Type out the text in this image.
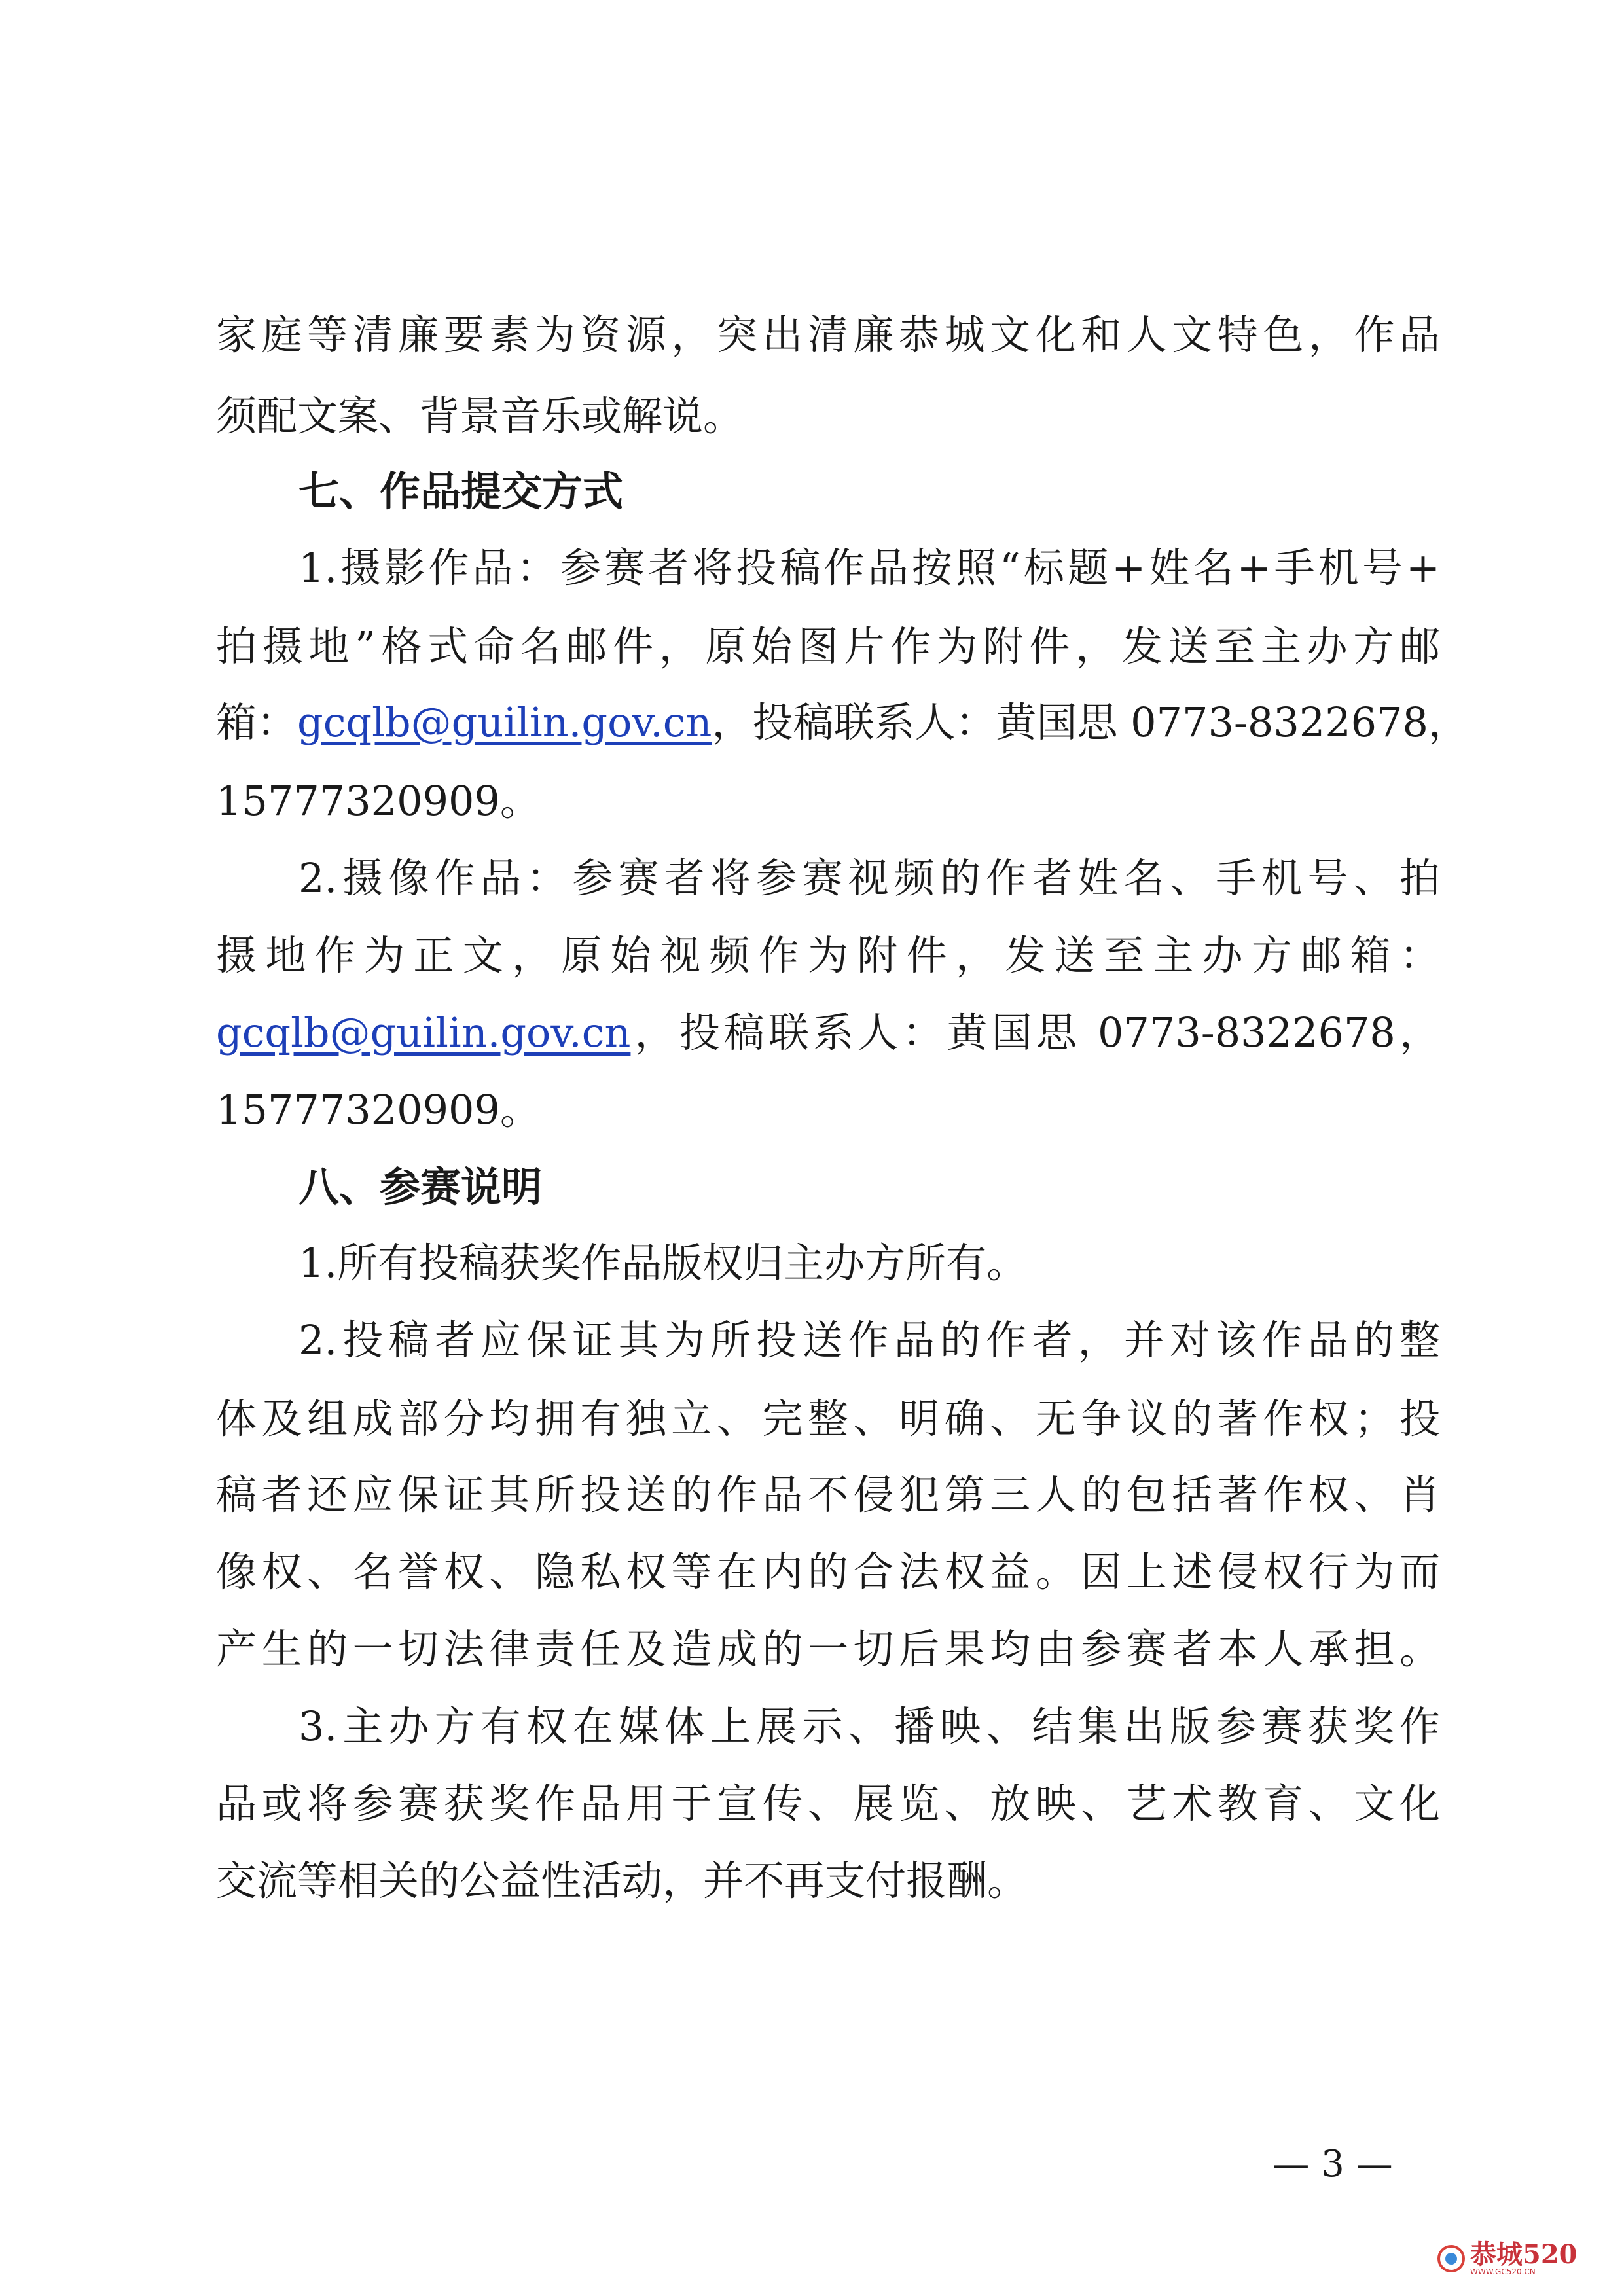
家庭等清廉要素为资源，突出清廉恭城文化和人文特色，作品
须配文案、背景音乐或解说。
七、作品提交方式
1.摄影作品：参赛者将投稿作品按照“标题+姓名+手机号+
拍摄地”格式命名邮件，原始图片作为附件，发送至主办方邮
箱：gcqlb@guilin.gov.cn，投稿联系人：黄国思 0773-8322678，
15777320909。
2.摄像作品：参赛者将参赛视频的作者姓名、手机号、拍
摄地作为正文，原始视频作为附件，发送至主办方邮箱：
gcqlb@guilin.gov.cn，投稿联系人：黄国思 0773-8322678，
15777320909。
八、参赛说明
1.所有投稿获奖作品版权归主办方所有。
2.投稿者应保证其为所投送作品的作者，并对该作品的整
体及组成部分均拥有独立、完整、明确、无争议的著作权；投
稿者还应保证其所投送的作品不侵犯第三人的包括著作权、肖
像权、名誉权、隐私权等在内的合法权益。因上述侵权行为而
产生的一切法律责任及造成的一切后果均由参赛者本人承担。
3.主办方有权在媒体上展示、播映、结集出版参赛获奖作
品或将参赛获奖作品用于宣传、展览、放映、艺术教育、文化
交流等相关的公益性活动，并不再支付报酬。
— 3 —
恭城520
WWW.GC520.CN
